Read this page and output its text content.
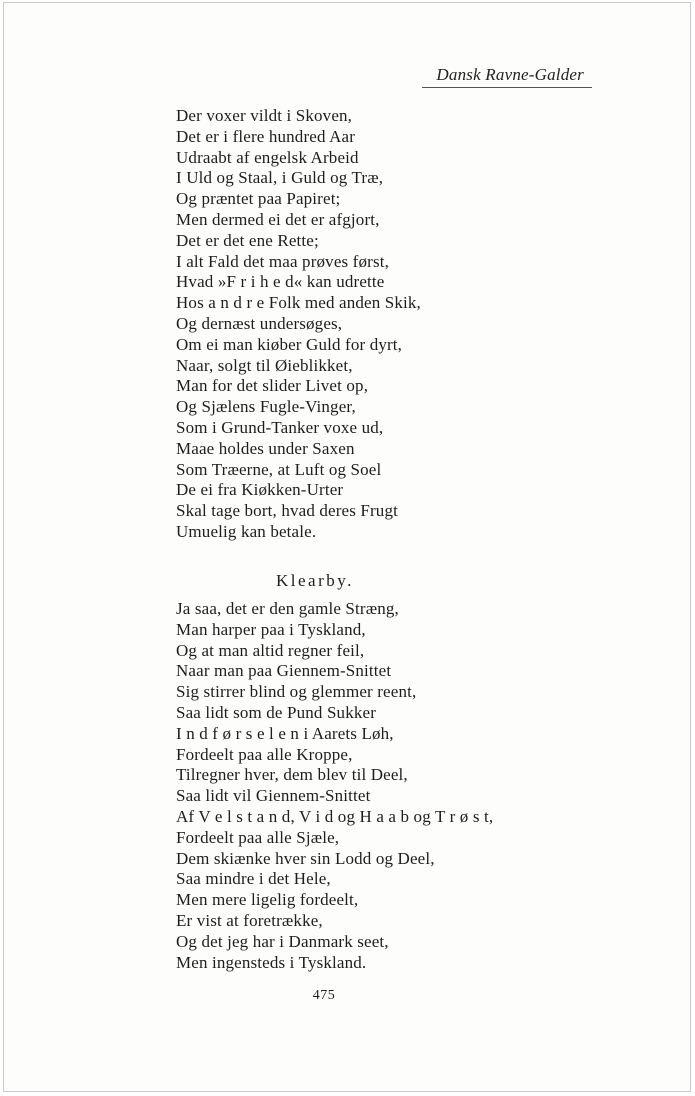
Dansk Ravne-Galder
Der voxer vildt i Skoven,
Det er i flere hundred Aar
Udraabt af engelsk Arbeid
I Uld og Staal, i Guld og Træ,
Og præntet paa Papiret;
Men dermed ei det er afgjort,
Det er det ene Rette;
I alt Fald det maa prøves først,
Hvad »F r i h e d« kan udrette
Hos a n d r e Folk med anden Skik,
Og dernæst undersøges,
Om ei man kiøber Guld for dyrt,
Naar, solgt til Øieblikket,
Man for det slider Livet op,
Og Sjælens Fugle-Vinger,
Som i Grund-Tanker voxe ud,
Maae holdes under Saxen
Som Træerne, at Luft og Soel
De ei fra Kiøkken-Urter
Skal tage bort, hvad deres Frugt
Umuelig kan betale.
Klearby.
Ja saa, det er den gamle Stræng,
Man harper paa i Tyskland,
Og at man altid regner feil,
Naar man paa Giennem-Snittet
Sig stirrer blind og glemmer reent,
Saa lidt som de Pund Sukker
I n d f ø r s e l e n i Aarets Løh,
Fordeelt paa alle Kroppe,
Tilregner hver, dem blev til Deel,
Saa lidt vil Giennem-Snittet
Af V e l s t a n d, V i d og H a a b og T r ø s t,
Fordeelt paa alle Sjæle,
Dem skiænke hver sin Lodd og Deel,
Saa mindre i det Hele,
Men mere ligelig fordeelt,
Er vist at foretrække,
Og det jeg har i Danmark seet,
Men ingensteds i Tyskland.
475
